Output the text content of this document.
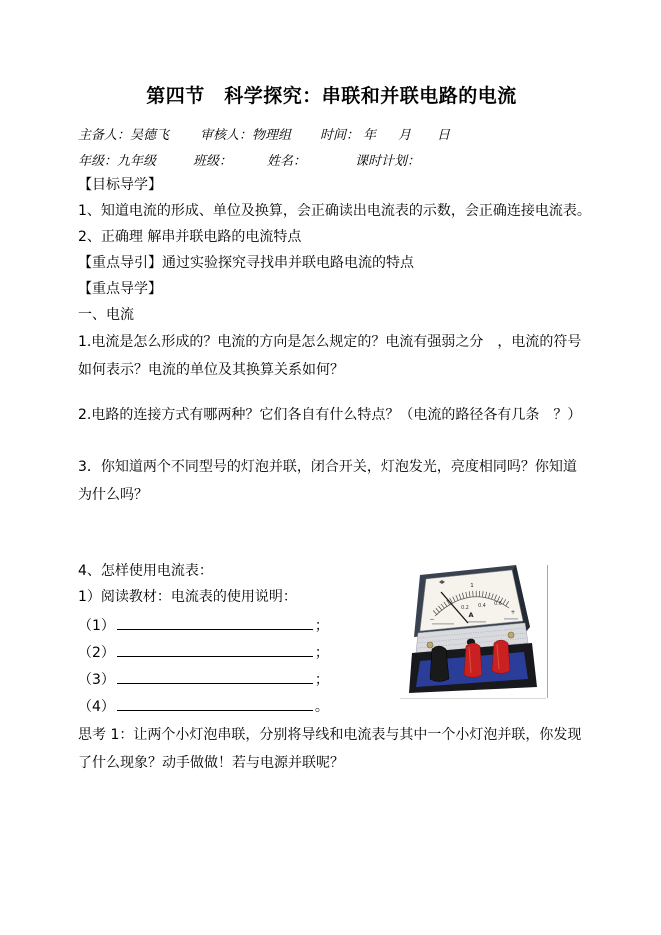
第四节　科学探究：串联和并联电路的电流
主备人：吴德飞 审核人：物理组 时间： 年 月 日
年级：九年级	班级：	姓名：	课时计划：
【目标导学】
1、知道电流的形成、单位及换算，会正确读出电流表的示数，会正确连接电流表。
2、正确理 解串并联电路的电流特点
【重点导引】通过实验探究寻找串并联电路电流的特点
【重点导学】
一、电流

1.电流是怎么形成的？电流的方向是怎么规定的？电流有强弱之分　，电流的符号如何表示？电流的单位及其换算关系如何？

2.电路的连接方式有哪两种？它们各自有什么特点？（电流的路径各有几条　？）

3．你知道两个不同型号的灯泡并联，闭合开关，灯泡发光，亮度相同吗？你知道为什么吗？

4、怎样使用电流表：
1）阅读教材：电流表的使用说明：
（1）	；
（2）	；
（3）	；
（4）	。

思考 1：让两个小灯泡串联，分别将导线和电流表与其中一个小灯泡并联，你发现了什么现象？动手做做！若与电源并联呢？

1
0.2 0.4 0.6
−
+
A
